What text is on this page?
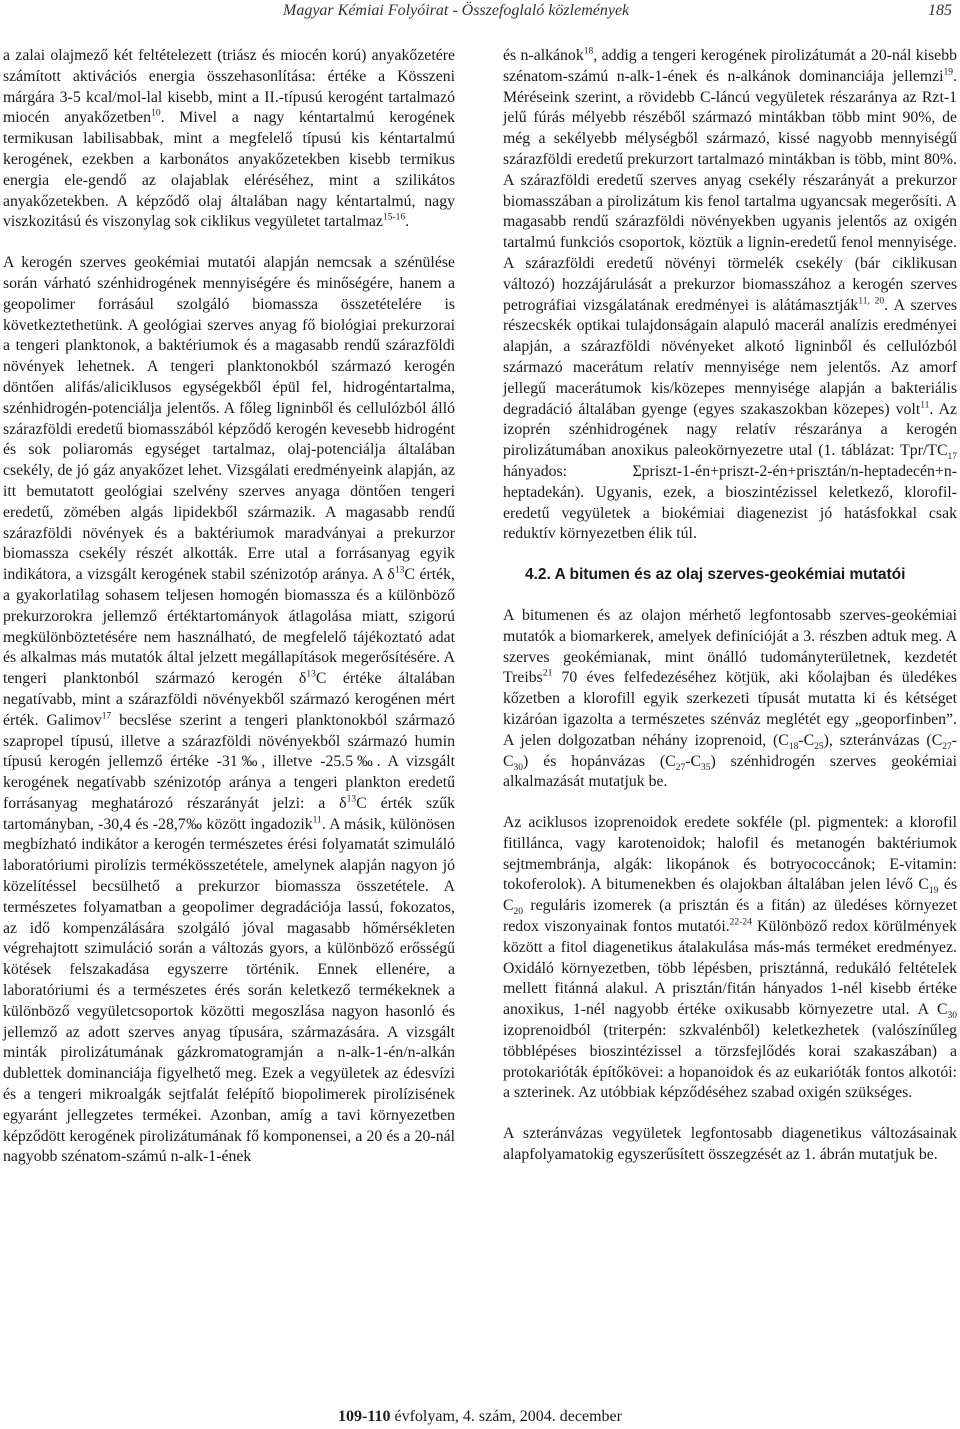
Magyar Kémiai Folyóirat - Összefoglaló közlemények	185

a zalai olajmező két feltételezett (triász és miocén korú) anyakőzetére számított aktivációs energia összehasonlítása: értéke a Kösszeni márgára 3-5 kcal/mol-lal kisebb, mint a II.-típusú kerogént tartalmazó miocén anyakőzetben$^{10}$. Mivel a nagy kéntartalmú kerogének termikusan labilisabbak, mint a megfelelő típusú kis kéntartalmú kerogének, ezekben a karbonátos anyakőzetekben kisebb termikus energia ele-gendő az olajablak eléréséhez, mint a szilikátos anyakőzetekben. A képződő olaj általában nagy kéntartalmú, nagy viszkozitású és viszonylag sok ciklikus vegyületet tartalmaz$^{15-16}$.

A kerogén szerves geokémiai mutatói alapján nemcsak a szénülése során várható szénhidrogének mennyiségére és minőségére, hanem a geopolimer forrásául szolgáló biomassza összetételére is következtethetünk. A geológiai szerves anyag fő biológiai prekurzorai a tengeri planktonok, a baktériumok és a magasabb rendű szárazföldi növények lehetnek. A tengeri planktonokból származó kerogén döntően alifás/aliciklusos egységekből épül fel, hidrogéntartalma, szénhidrogén-potenciálja jelentős. A főleg ligninből és cellulózból álló szárazföldi eredetű biomasszából képződő kerogén kevesebb hidrogént és sok poliaromás egységet tartalmaz, olaj-potenciálja általában csekély, de jó gáz anyakőzet lehet. Vizsgálati eredményeink alapján, az itt bemutatott geológiai szelvény szerves anyaga döntően tengeri eredetű, zömében algás lipidekből származik. A magasabb rendű szárazföldi növények és a baktériumok maradványai a prekurzor biomassza csekély részét alkották. Erre utal a forrásanyag egyik indikátora, a vizsgált kerogének stabil szénizotóp aránya. A $\delta^{13}C$ érték, a gyakorlatilag sohasem teljesen homogén biomassza és a különböző prekurzorokra jellemző értéktartományok átlagolása miatt, szigorú megkülönböztetésére nem használható, de megfelelő tájékoztató adat és alkalmas más mutatók által jelzett megállapítások megerősítésére. A tengeri planktonból származó kerogén $\delta^{13}C$ értéke általában negatívabb, mint a szárazföldi növényekből származó kerogénen mért érték. Galimov$^{17}$ becslése szerint a tengeri planktonokból származó szapropel típusú, illetve a szárazföldi növényekből származó humin típusú kerogén jellemző értéke -31‰, illetve -25.5‰. A vizsgált kerogének negatívabb szénizotóp aránya a tengeri plankton eredetű forrásanyag meghatározó részarányát jelzi: a $\delta^{13}C$ érték szűk tartományban, -30,4 és -28,7‰ között ingadozik$^{11}$. A másik, különösen megbízható indikátor a kerogén természetes érési folyamatát szimuláló laboratóriumi pirolízis termékösszetétele, amelynek alapján nagyon jó közelítéssel becsülhető a prekurzor biomassza összetétele. A természetes folyamatban a geopolimer degradációja lassú, fokozatos, az idő kompenzálására szolgáló jóval magasabb hőmérsékleten végrehajtott szimuláció során a változás gyors, a különböző erősségű kötések felszakadása egyszerre történik. Ennek ellenére, a laboratóriumi és a természetes érés során keletkező termékeknek a különböző vegyületcsoportok közötti megoszlása nagyon hasonló és jellemző az adott szerves anyag típusára, származására. A vizsgált minták pirolizátumának gázkromatogramján a n-alk-1-én/n-alkán dublettek dominanciája figyelhető meg. Ezek a vegyületek az édesvízi és a tengeri mikroalgák sejtfalát felépítő biopolimerek pirolízisének egyaránt jellegzetes termékei. Azonban, amíg a tavi környezetben képződött kerogének pirolizátumának fő komponensei, a 20 és a 20-nál nagyobb szénatom-számú n-alk-1-ének

és n-alkánok$^{18}$, addig a tengeri kerogének pirolizátumát a 20-nál kisebb szénatom-számú n-alk-1-ének és n-alkánok dominanciája jellemzi$^{19}$. Méréseink szerint, a rövidebb C-láncú vegyületek részaránya az Rzt-1 jelű fúrás mélyebb részéből származó mintákban több mint 90%, de még a sekélyebb mélységből származó, kissé nagyobb mennyiségű szárazföldi eredetű prekurzort tartalmazó mintákban is több, mint 80%. A szárazföldi eredetű szerves anyag csekély részarányát a prekurzor biomasszában a pirolizátum kis fenol tartalma ugyancsak megerősíti. A magasabb rendű szárazföldi növényekben ugyanis jelentős az oxigén tartalmú funkciós csoportok, köztük a lignin-eredetű fenol mennyisége. A szárazföldi eredetű növényi törmelék csekély (bár ciklikusan változó) hozzájárulását a prekurzor biomasszához a kerogén szerves petrográfiai vizsgálatának eredményei is alátámasztják$^{11, 20}$. A szerves részecskék optikai tulajdonságain alapuló macerál analízis eredményei alapján, a szárazföldi növényeket alkotó ligninből és cellulózból származó macerátum relatív mennyisége nem jelentős. Az amorf jellegű macerátumok kis/közepes mennyisége alapján a bakteriális degradáció általában gyenge (egyes szakaszokban közepes) volt$^{11}$. Az izoprén szénhidrogének nagy relatív részaránya a kerogén pirolizátumában anoxikus paleokörnyezetre utal (1. táblázat: Tpr/$TC_{17}$ hányados: Σpriszt-1-én+priszt-2-én+prisztán/n-heptadecén+n-heptadekán). Ugyanis, ezek, a bioszintézissel keletkező, klorofil-eredetű vegyületek a biokémiai diagenezist jó hatásfokkal csak reduktív környezetben élik túl.

4.2. A bitumen és az olaj szerves-geokémiai mutatói

A bitumenen és az olajon mérhető legfontosabb szerves-geokémiai mutatók a biomarkerek, amelyek definícióját a 3. részben adtuk meg. A szerves geokémianak, mint önálló tudományterületnek, kezdetét Treibs$^{21}$ 70 éves felfedezéséhez kötjük, aki kőolajban és üledékes kőzetben a klorofill egyik szerkezeti típusát mutatta ki és kétséget kizáróan igazolta a természetes szénváz meglétét egy „geoporfinben”. A jelen dolgozatban néhány izoprenoid, $(C_{18}-C_{25})$, szteránvázas $(C_{27}-C_{30})$ és hopánvázas $(C_{27}-C_{35})$ szénhidrogén szerves geokémiai alkalmazását mutatjuk be.

Az aciklusos izoprenoidok eredete sokféle (pl. pigmentek: a klorofil fitillánca, vagy karotenoidok; halofil és metanogén baktériumok sejtmembránja, algák: likopánok és botryococcánok; E-vitamin: tokoferolok). A bitumenekben és olajokban általában jelen lévő $C_{19}$ és $C_{20}$ reguláris izomerek (a prisztán és a fitán) az üledéses környezet redox viszonyainak fontos mutatói.$^{22-24}$ Különböző redox körülmények között a fitol diagenetikus átalakulása más-más terméket eredményez. Oxidáló környezetben, több lépésben, prisztánná, redukáló feltételek mellett fitánná alakul. A prisztán/fitán hányados 1-nél kisebb értéke anoxikus, 1-nél nagyobb értéke oxikusabb környezetre utal. A $C_{30}$ izoprenoidból (triterpén: szkvalénből) keletkezhetek (valószínűleg többlépéses bioszintézissel a törzsfejlődés korai szakaszában) a protokarióták építőkövei: a hopanoidok és az eukarióták fontos alkotói: a szterinek. Az utóbbiak képződéséhez szabad oxigén szükséges.

A szteránvázas vegyületek legfontosabb diagenetikus változásainak alapfolyamatokig egyszerűsített összegzését az 1. ábrán mutatjuk be.

109-110 évfolyam, 4. szám, 2004. december
